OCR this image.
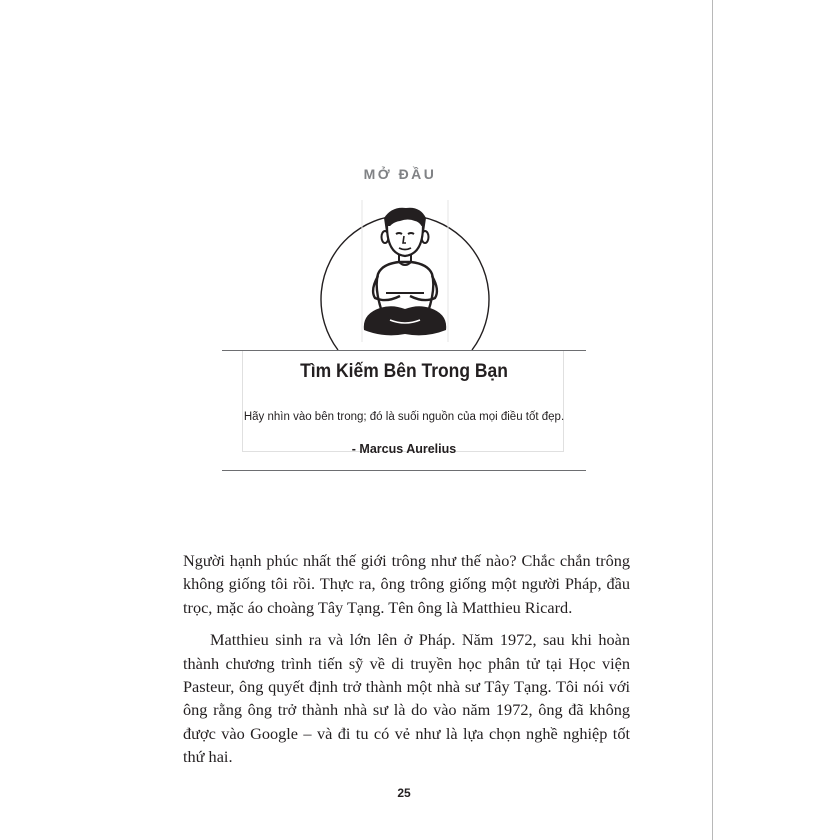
MỞ ĐẦU
Tìm Kiếm Bên Trong Bạn
Hãy nhìn vào bên trong; đó là suối nguồn của mọi điều tốt đẹp.
- Marcus Aurelius

Người hạnh phúc nhất thế giới trông như thế nào? Chắc chắn trông không giống tôi rồi. Thực ra, ông trông giống một người Pháp, đầu trọc, mặc áo choàng Tây Tạng. Tên ông là Matthieu Ricard.

Matthieu sinh ra và lớn lên ở Pháp. Năm 1972, sau khi hoàn thành chương trình tiến sỹ về di truyền học phân tử tại Học viện Pasteur, ông quyết định trở thành một nhà sư Tây Tạng. Tôi nói với ông rằng ông trở thành nhà sư là do vào năm 1972, ông đã không được vào Google – và đi tu có vẻ như là lựa chọn nghề nghiệp tốt thứ hai.

25
